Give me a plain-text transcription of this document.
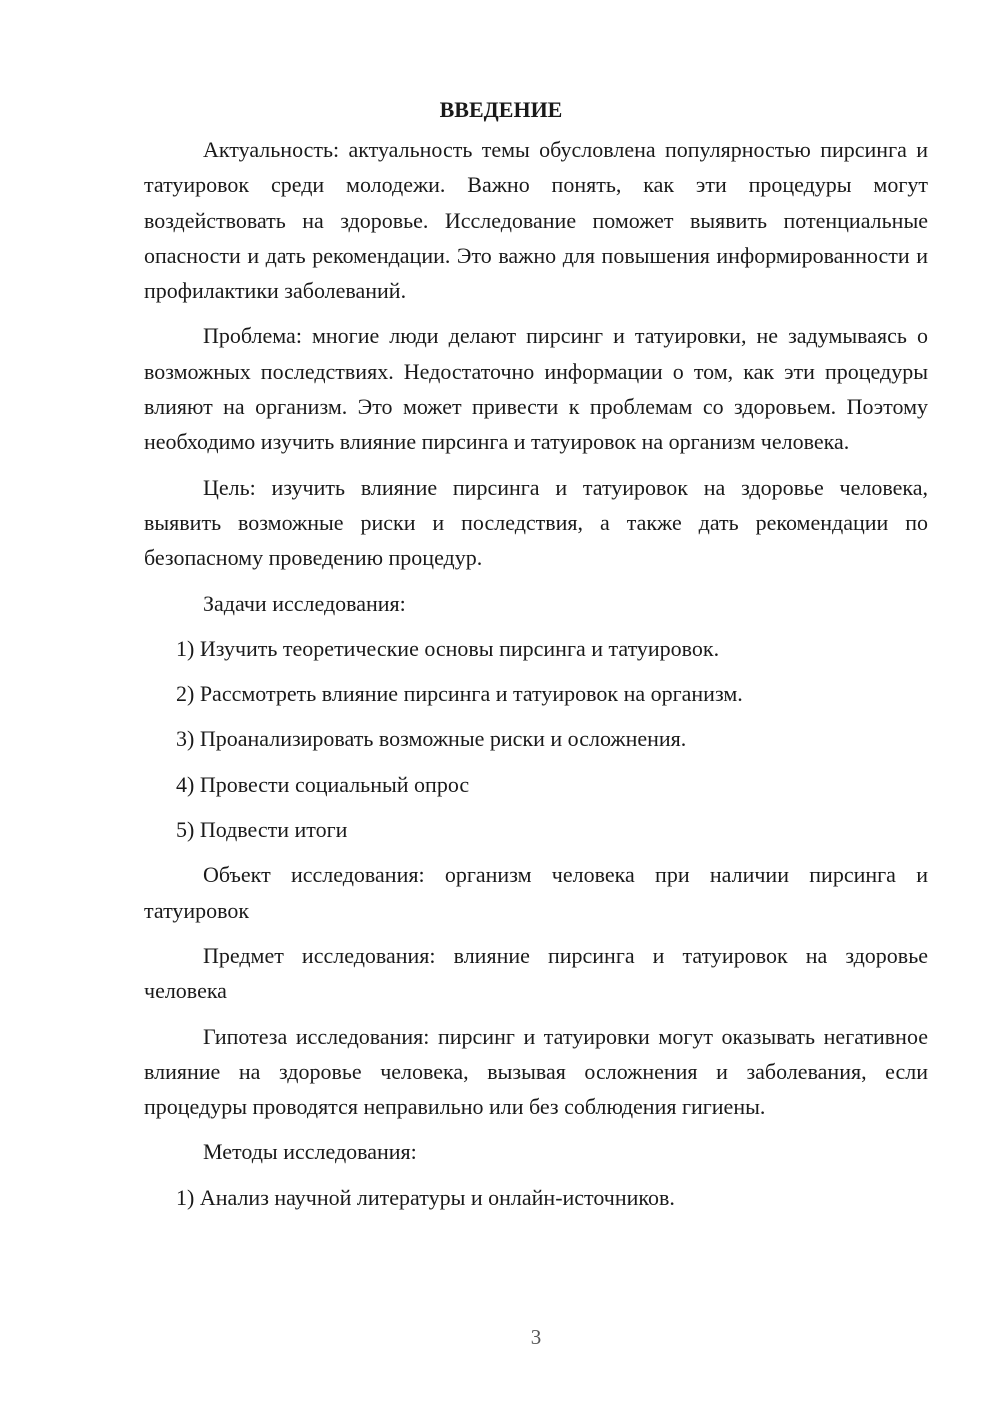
ВВЕДЕНИЕ

Актуальность: актуальность темы обусловлена популярностью пирсинга и татуировок среди молодежи. Важно понять, как эти процедуры могут воздействовать на здоровье. Исследование поможет выявить потенциальные опасности и дать рекомендации. Это важно для повышения информированности и профилактики заболеваний.

Проблема: многие люди делают пирсинг и татуировки, не задумываясь о возможных последствиях. Недостаточно информации о том, как эти процедуры влияют на организм. Это может привести к проблемам со здоровьем. Поэтому необходимо изучить влияние пирсинга и татуировок на организм человека.

Цель: изучить влияние пирсинга и татуировок на здоровье человека, выявить возможные риски и последствия, а также дать рекомендации по безопасному проведению процедур.

Задачи исследования:

1) Изучить теоретические основы пирсинга и татуировок.

2) Рассмотреть влияние пирсинга и татуировок на организм.

3) Проанализировать возможные риски и осложнения.

4) Провести социальный опрос

5) Подвести итоги

Объект исследования: организм человека при наличии пирсинга и татуировок

Предмет исследования: влияние пирсинга и татуировок на здоровье человека

Гипотеза исследования: пирсинг и татуировки могут оказывать негативное влияние на здоровье человека, вызывая осложнения и заболевания, если процедуры проводятся неправильно или без соблюдения гигиены.

Методы исследования:

1) Анализ научной литературы и онлайн-источников.

3
